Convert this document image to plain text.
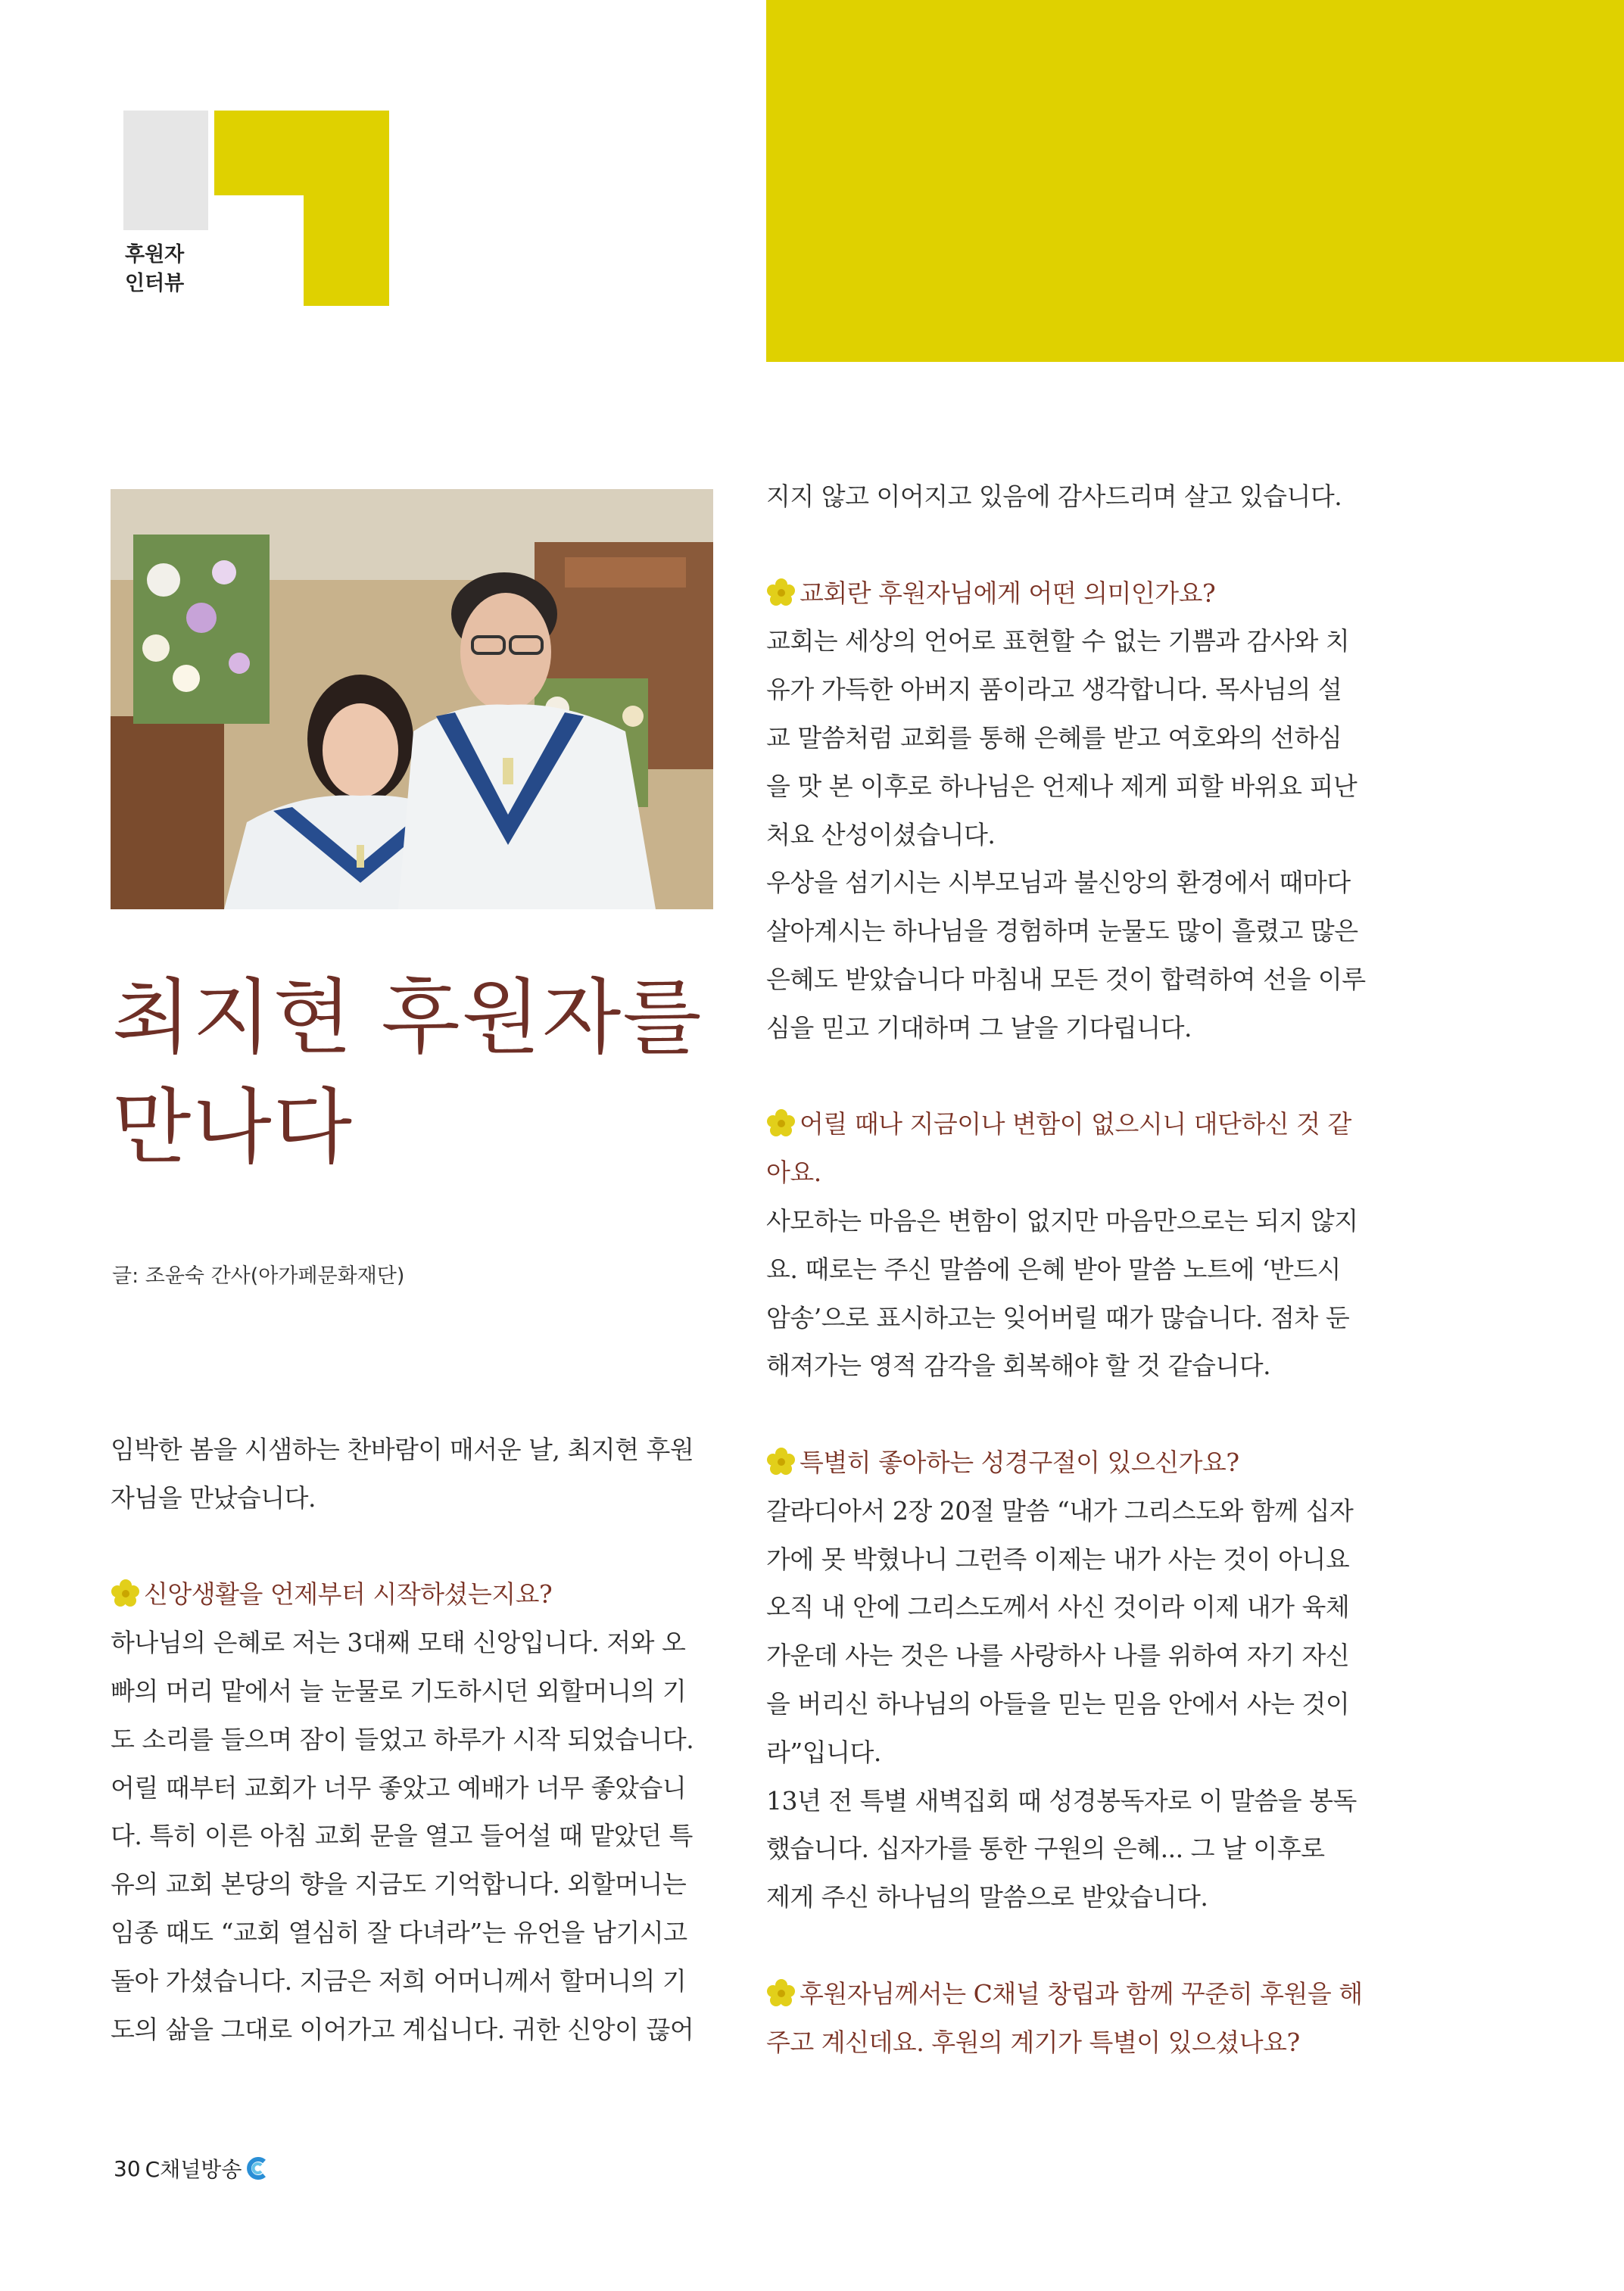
후원자
인터뷰
최지현 후원자를
만나다
글: 조윤숙 간사(아가페문화재단)

임박한 봄을 시샘하는 찬바람이 매서운 날, 최지현 후원

자님을 만났습니다.

신앙생활을 언제부터 시작하셨는지요?

하나님의 은혜로 저는 3대째 모태 신앙입니다. 저와 오

빠의 머리 맡에서 늘 눈물로 기도하시던 외할머니의 기

도 소리를 들으며 잠이 들었고 하루가 시작 되었습니다.

어릴 때부터 교회가 너무 좋았고 예배가 너무 좋았습니

다. 특히 이른 아침 교회 문을 열고 들어설 때 맡았던 특

유의 교회 본당의 향을 지금도 기억합니다. 외할머니는

임종 때도 “교회 열심히 잘 다녀라”는 유언을 남기시고

돌아 가셨습니다. 지금은 저희 어머니께서 할머니의 기

도의 삶을 그대로 이어가고 계십니다. 귀한 신앙이 끊어

지지 않고 이어지고 있음에 감사드리며 살고 있습니다.

교회란 후원자님에게 어떤 의미인가요?

교회는 세상의 언어로 표현할 수 없는 기쁨과 감사와 치

유가 가득한 아버지 품이라고 생각합니다. 목사님의 설

교 말씀처럼 교회를 통해 은혜를 받고 여호와의 선하심

을 맛 본 이후로 하나님은 언제나 제게 피할 바위요 피난

처요 산성이셨습니다.

우상을 섬기시는 시부모님과 불신앙의 환경에서 때마다

살아계시는 하나님을 경험하며 눈물도 많이 흘렸고 많은

은혜도 받았습니다 마침내 모든 것이 합력하여 선을 이루

심을 믿고 기대하며 그 날을 기다립니다.

어릴 때나 지금이나 변함이 없으시니 대단하신 것 같

아요.

사모하는 마음은 변함이 없지만 마음만으로는 되지 않지

요. 때로는 주신 말씀에 은혜 받아 말씀 노트에 ‘반드시

암송’으로 표시하고는 잊어버릴 때가 많습니다. 점차 둔

해져가는 영적 감각을 회복해야 할 것 같습니다.

특별히 좋아하는 성경구절이 있으신가요?

갈라디아서 2장 20절 말씀 “내가 그리스도와 함께 십자

가에 못 박혔나니 그런즉 이제는 내가 사는 것이 아니요

오직 내 안에 그리스도께서 사신 것이라 이제 내가 육체

가운데 사는 것은 나를 사랑하사 나를 위하여 자기 자신

을 버리신 하나님의 아들을 믿는 믿음 안에서 사는 것이

라”입니다.

13년 전 특별 새벽집회 때 성경봉독자로 이 말씀을 봉독

했습니다. 십자가를 통한 구원의 은혜... 그 날 이후로

제게 주신 하나님의 말씀으로 받았습니다.

후원자님께서는 C채널 창립과 함께 꾸준히 후원을 해

주고 계신데요. 후원의 계기가 특별이 있으셨나요?

30 C채널방송
